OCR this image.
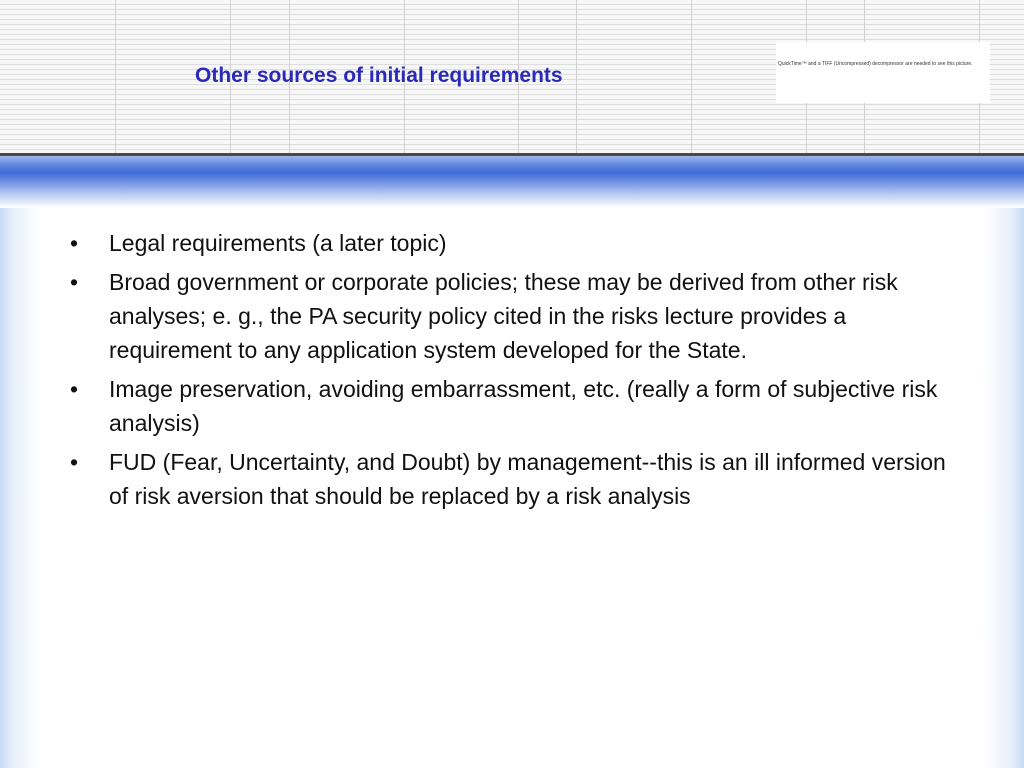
Other sources of initial requirements	QuickTime™ and a TIFF (Uncompressed) decompressor are needed to see this picture.
•	Legal requirements (a later topic)
•	Broad government or corporate policies; these may be derived from other risk analyses; e. g., the PA security policy cited in the risks lecture provides a requirement to any application system developed for the State.
•	Image preservation, avoiding embarrassment, etc. (really a form of subjective risk analysis)
•	FUD (Fear, Uncertainty, and Doubt) by management--this is an ill informed version of risk aversion that should be replaced by a risk analysis
